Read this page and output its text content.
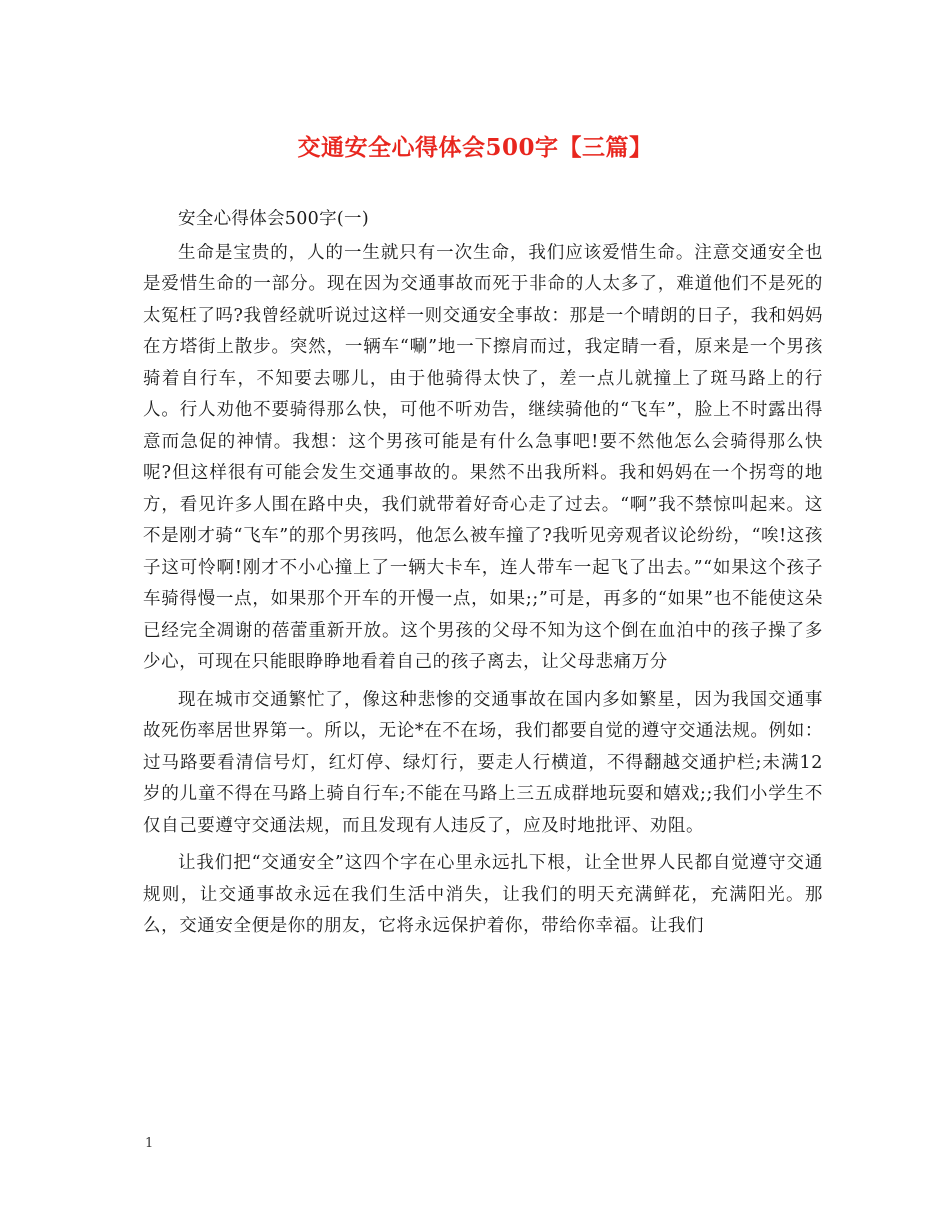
交通安全心得体会500字【三篇】

安全心得体会500字(一)

生命是宝贵的，人的一生就只有一次生命，我们应该爱惜生命。注意交通安全也是爱惜生命的一部分。现在因为交通事故而死于非命的人太多了，难道他们不是死的太冤枉了吗?我曾经就听说过这样一则交通安全事故：那是一个晴朗的日子，我和妈妈在方塔街上散步。突然，一辆车“唰”地一下擦肩而过，我定睛一看，原来是一个男孩骑着自行车，不知要去哪儿，由于他骑得太快了，差一点儿就撞上了斑马路上的行人。行人劝他不要骑得那么快，可他不听劝告，继续骑他的“飞车”，脸上不时露出得意而急促的神情。我想：这个男孩可能是有什么急事吧!要不然他怎么会骑得那么快呢?但这样很有可能会发生交通事故的。果然不出我所料。我和妈妈在一个拐弯的地方，看见许多人围在路中央，我们就带着好奇心走了过去。“啊”我不禁惊叫起来。这不是刚才骑“飞车”的那个男孩吗，他怎么被车撞了?我听见旁观者议论纷纷，“唉!这孩子这可怜啊!刚才不小心撞上了一辆大卡车，连人带车一起飞了出去。”“如果这个孩子车骑得慢一点，如果那个开车的开慢一点，如果;;”可是，再多的“如果”也不能使这朵已经完全凋谢的蓓蕾重新开放。这个男孩的父母不知为这个倒在血泊中的孩子操了多少心，可现在只能眼睁睁地看着自己的孩子离去，让父母悲痛万分

现在城市交通繁忙了，像这种悲惨的交通事故在国内多如繁星，因为我国交通事故死伤率居世界第一。所以，无论*在不在场，我们都要自觉的遵守交通法规。例如：过马路要看清信号灯，红灯停、绿灯行，要走人行横道，不得翻越交通护栏;未满12岁的儿童不得在马路上骑自行车;不能在马路上三五成群地玩耍和嬉戏;;我们小学生不仅自己要遵守交通法规，而且发现有人违反了，应及时地批评、劝阻。

让我们把“交通安全”这四个字在心里永远扎下根，让全世界人民都自觉遵守交通规则，让交通事故永远在我们生活中消失，让我们的明天充满鲜花，充满阳光。那么，交通安全便是你的朋友，它将永远保护着你，带给你幸福。让我们

1
